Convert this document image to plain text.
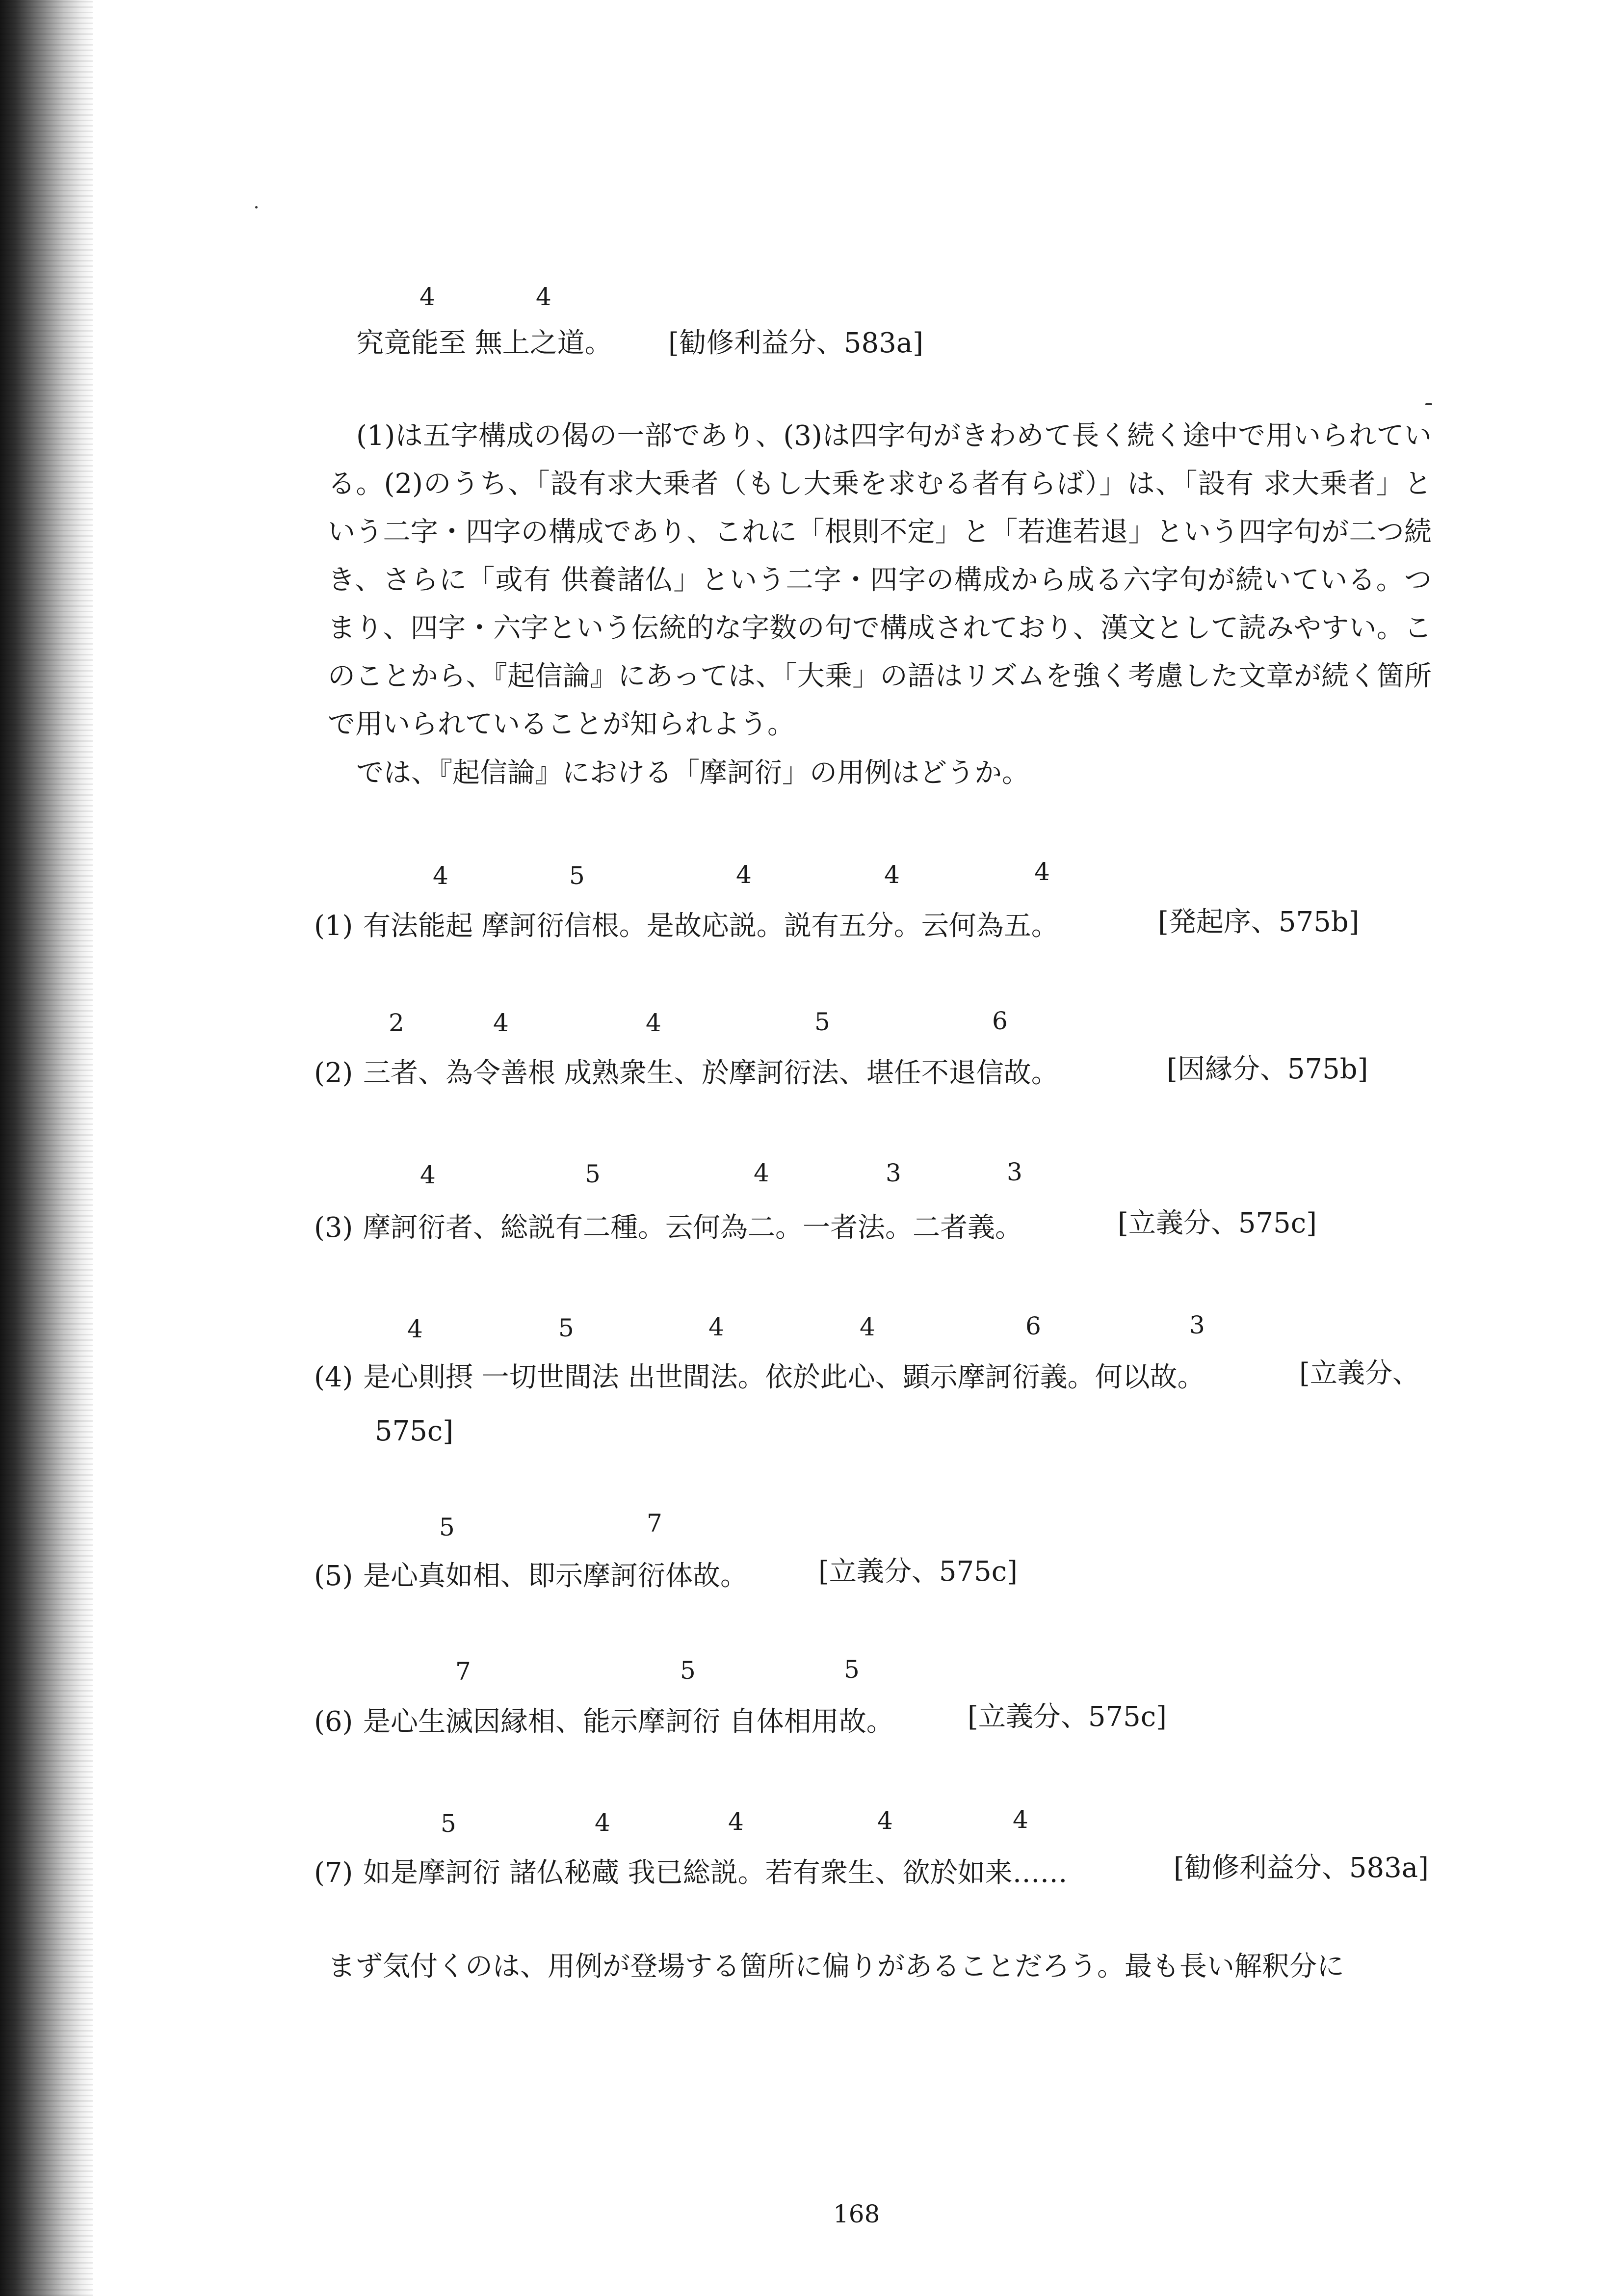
4	4
究竟能至 無上之道。 [勧修利益分、583a]

(1)は五字構成の偈の一部であり、(3)は四字句がきわめて長く続く途中で用いられている。(2)のうち、「設有求大乗者（もし大乗を求むる者有らば）」は、「設有 求大乗者」という二字・四字の構成であり、これに「根則不定」と「若進若退」という四字句が二つ続き、さらに「或有 供養諸仏」という二字・四字の構成から成る六字句が続いている。つまり、四字・六字という伝統的な字数の句で構成されており、漢文として読みやすい。このことから、『起信論』にあっては、「大乗」の語はリズムを強く考慮した文章が続く箇所で用いられていることが知られよう。

では、『起信論』における「摩訶衍」の用例はどうか。

4	5	4	4	4
(1) 有法能起 摩訶衍信根。是故応説。説有五分。云何為五。	[発起序、575b]
2	4	4	5	6
(2) 三者、為令善根 成熟衆生、於摩訶衍法、堪任不退信故。	[因縁分、575b]
4	5	4	3	3
(3) 摩訶衍者、総説有二種。云何為二。一者法。二者義。	[立義分、575c]
4	5	4	4	6	3
(4) 是心則摂 一切世間法 出世間法。依於此心、顕示摩訶衍義。何以故。	[立義分、
575c]
5	7
(5) 是心真如相、即示摩訶衍体故。	[立義分、575c]
7	5	5
(6) 是心生滅因縁相、能示摩訶衍 自体相用故。	[立義分、575c]
5	4	4	4	4
(7) 如是摩訶衍 諸仏秘蔵 我已総説。若有衆生、欲於如来……	[勧修利益分、583a]

まず気付くのは、用例が登場する箇所に偏りがあることだろう。最も長い解釈分に

168
